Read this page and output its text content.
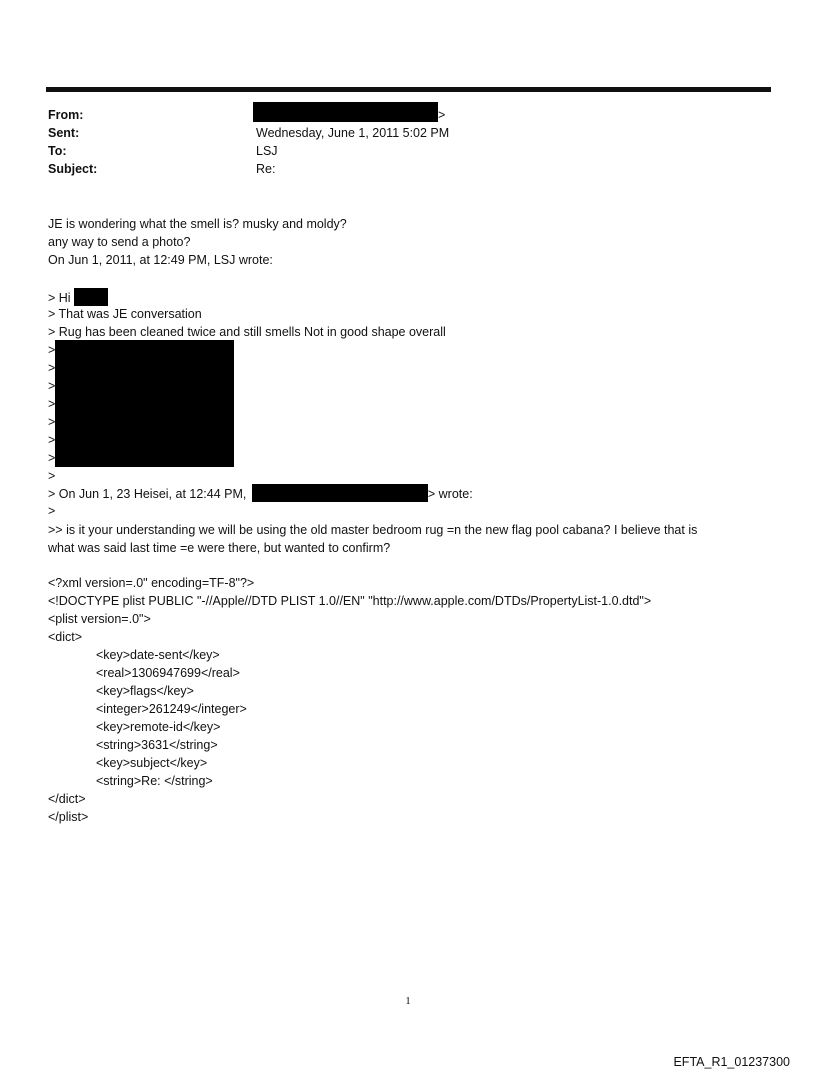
From:	>
Sent:	Wednesday, June 1, 2011 5:02 PM
To:	LSJ
Subject:	Re:
JE is wondering what the smell is? musky and moldy?
any way to send a photo?
On Jun 1, 2011, at 12:49 PM, LSJ wrote:
> Hi
> That was JE conversation
> Rug has been cleaned twice and still smells Not in good shape overall
>
>
>
>
>
>
>
>
> On Jun 1, 23 Heisei, at 12:44 PM,	> wrote:
>
>> is it your understanding we will be using the old master bedroom rug =n the new flag pool cabana? I believe that is
what was said last time =e were there, but wanted to confirm?
<?xml version=.0" encoding=TF-8"?>
<!DOCTYPE plist PUBLIC "-//Apple//DTD PLIST 1.0//EN" "http://www.apple.com/DTDs/PropertyList-1.0.dtd">
<plist version=.0">
<dict>
<key>date-sent</key>
<real>1306947699</real>
<key>flags</key>
<integer>261249</integer>
<key>remote-id</key>
<string>3631</string>
<key>subject</key>
<string>Re: </string>
</dict>
</plist>
1
EFTA_R1_01237300
